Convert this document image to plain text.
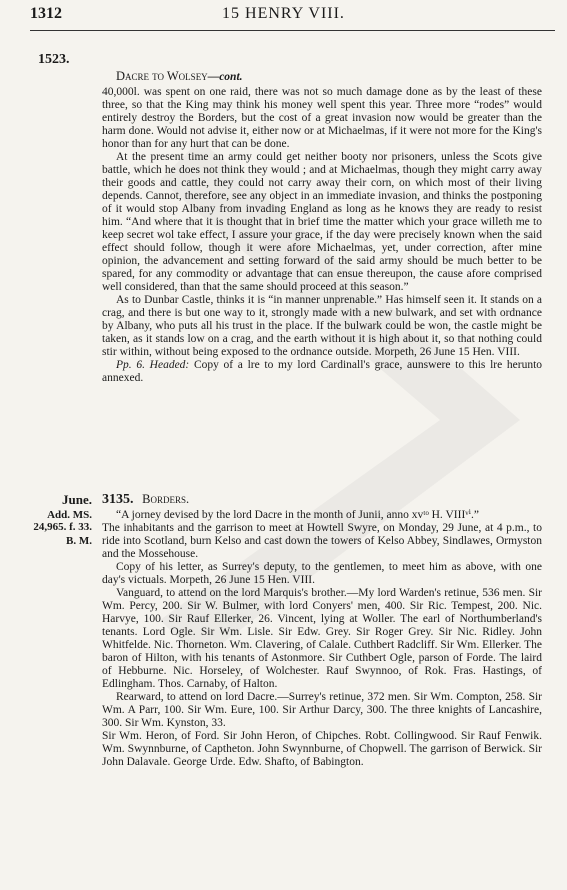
1312	15 HENRY VIII.
1523.

Dacre to Wolsey—cont.

40,000l. was spent on one raid, there was not so much damage done as by the least of these three, so that the King may think his money well spent this year. Three more “rodes” would entirely destroy the Borders, but the cost of a great invasion now would be greater than the harm done. Would not advise it, either now or at Michaelmas, if it were not more for the King's honor than for any hurt that can be done.

At the present time an army could get neither booty nor prisoners, unless the Scots give battle, which he does not think they would ; and at Michaelmas, though they might carry away their goods and cattle, they could not carry away their corn, on which most of their living depends. Cannot, therefore, see any object in an immediate invasion, and thinks the postponing of it would stop Albany from invading England as long as he knows they are ready to resist him. “And where that it is thought that in brief time the matter which your grace willeth me to keep secret wol take effect, I assure your grace, if the day were precisely known when the said effect should follow, though it were afore Michaelmas, yet, under correction, after mine opinion, the advancement and setting forward of the said army should be much better to be spared, for any commodity or advantage that can ensue thereupon, the cause afore comprised well considered, than that the same should proceed at this season.”

As to Dunbar Castle, thinks it is “in manner unprenable.” Has himself seen it. It stands on a crag, and there is but one way to it, strongly made with a new bulwark, and set with ordnance by Albany, who puts all his trust in the place. If the bulwark could be won, the castle might be taken, as it stands low on a crag, and the earth without it is high about it, so that nothing could stir within, without being exposed to the ordnance outside. Morpeth, 26 June 15 Hen. VIII.

Pp. 6. Headed: Copy of a lre to my lord Cardinall's grace, aunswere to this lre herunto annexed.

June.
Add. MS.
24,965. f. 33.
B. M.

3135. Borders.

“A jorney devised by the lord Dacre in the month of Junii, anno xvᵗᵒ H. VIIIᵛⁱ.”

The inhabitants and the garrison to meet at Howtell Swyre, on Monday, 29 June, at 4 p.m., to ride into Scotland, burn Kelso and cast down the towers of Kelso Abbey, Sindlawes, Ormyston and the Mossehouse.

Copy of his letter, as Surrey's deputy, to the gentlemen, to meet him as above, with one day's victuals. Morpeth, 26 June 15 Hen. VIII.

Vanguard, to attend on the lord Marquis's brother.—My lord Warden's retinue, 536 men. Sir Wm. Percy, 200. Sir W. Bulmer, with lord Conyers' men, 400. Sir Ric. Tempest, 200. Nic. Harvye, 100. Sir Rauf Ellerker, 26. Vincent, lying at Woller. The earl of Northumberland's tenants. Lord Ogle. Sir Wm. Lisle. Sir Edw. Grey. Sir Roger Grey. Sir Nic. Ridley. John Whitfelde. Nic. Thorneton. Wm. Clavering, of Calale. Cuthbert Radcliff. Sir Wm. Ellerker. The baron of Hilton, with his tenants of Astonmore. Sir Cuthbert Ogle, parson of Forde. The laird of Hebburne. Nic. Horseley, of Wolchester. Rauf Swynnoo, of Rok. Fras. Hastings, of Edlingham. Thos. Carnaby, of Halton.

Rearward, to attend on lord Dacre.—Surrey's retinue, 372 men. Sir Wm. Compton, 258. Sir Wm. A Parr, 100. Sir Wm. Eure, 100. Sir Arthur Darcy, 300. The three knights of Lancashire, 300. Sir Wm. Kynston, 33.

Sir Wm. Heron, of Ford. Sir John Heron, of Chipches. Robt. Collingwood. Sir Rauf Fenwik. Wm. Swynnburne, of Captheton. John Swynnburne, of Chopwell. The garrison of Berwick. Sir John Dalavale. George Urde. Edw. Shafto, of Babington.
